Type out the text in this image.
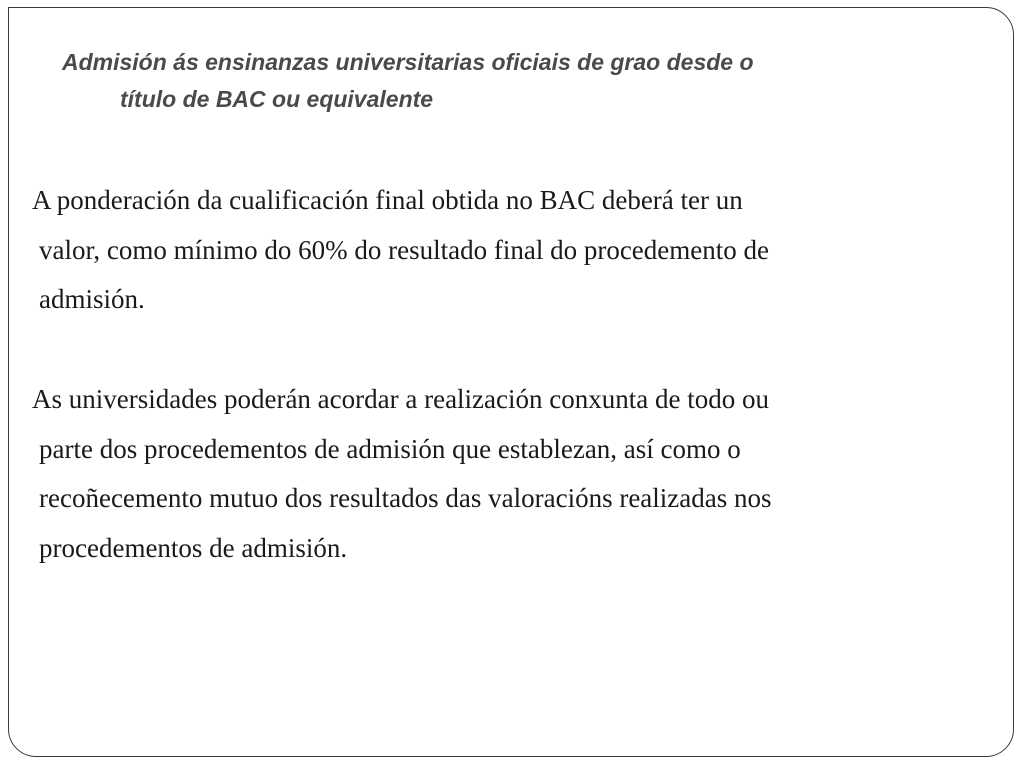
Admisión ás ensinanzas universitarias oficiais de grao desde o
título de BAC ou equivalente

A ponderación da cualificación final obtida no BAC deberá ter un
valor, como mínimo do 60% do resultado final do procedemento de
admisión.

As universidades poderán acordar a realización conxunta de todo ou
parte dos procedementos de admisión que establezan, así como o
recoñecemento mutuo dos resultados das valoracións realizadas nos
procedementos de admisión.
